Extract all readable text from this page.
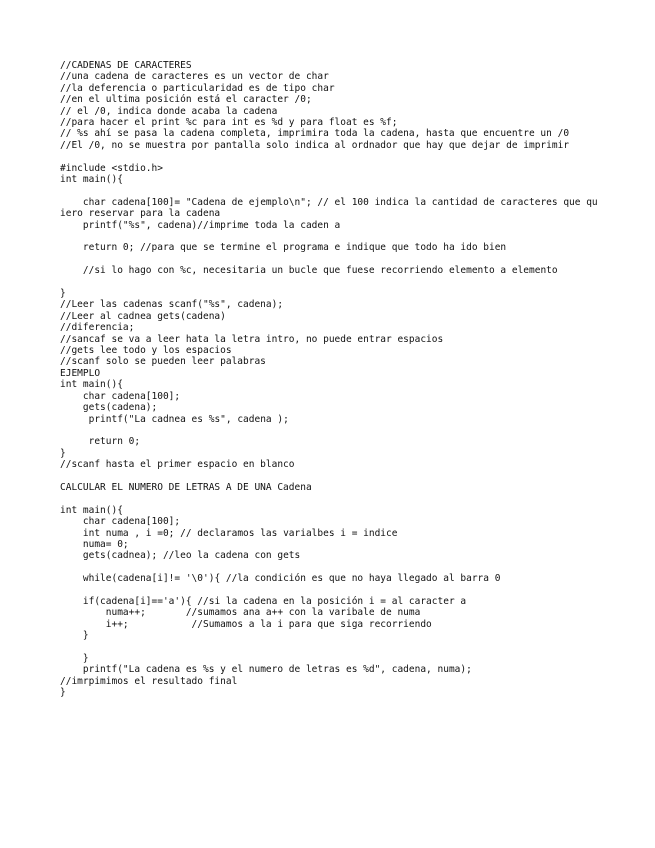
//CADENAS DE CARACTERES
//una cadena de caracteres es un vector de char
//la deferencia o particularidad es de tipo char
//en el ultima posición está el caracter /0;
// el /0, indica donde acaba la cadena
//para hacer el print %c para int es %d y para float es %f;
// %s ahí se pasa la cadena completa, imprimira toda la cadena, hasta que encuentre un /0
//El /0, no se muestra por pantalla solo indica al ordnador que hay que dejar de imprimir
#include <stdio.h>
int main(){
char cadena[100]= "Cadena de ejemplo\n"; // el 100 indica la cantidad de caracteres que quiero reservar para la cadena
printf("%s", cadena)//imprime toda la caden a
return 0; //para que se termine el programa e indique que todo ha ido bien
//si lo hago con %c, necesitaria un bucle que fuese recorriendo elemento a elemento
}
//Leer las cadenas scanf("%s", cadena);
//Leer al cadnea gets(cadena)
//diferencia;
//sancaf se va a leer hata la letra intro, no puede entrar espacios
//gets lee todo y los espacios
//scanf solo se pueden leer palabras
EJEMPLO
int main(){
char cadena[100];
gets(cadena);
printf("La cadnea es %s", cadena );
return 0;
}
//scanf hasta el primer espacio en blanco
CALCULAR EL NUMERO DE LETRAS A DE UNA Cadena
int main(){
char cadena[100];
int numa , i =0; // declaramos las varialbes i = indice
numa= 0;
gets(cadnea); //leo la cadena con gets
while(cadena[i]!= '\0'){ //la condición es que no haya llegado al barra 0
if(cadena[i]=='a'){ //si la cadena en la posición i = al caracter a
numa++;       //sumamos ana a++ con la varibale de numa
i++;           //Sumamos a la i para que siga recorriendo
}
}
printf("La cadena es %s y el numero de letras es %d", cadena, numa);
//imrpimimos el resultado final
}
